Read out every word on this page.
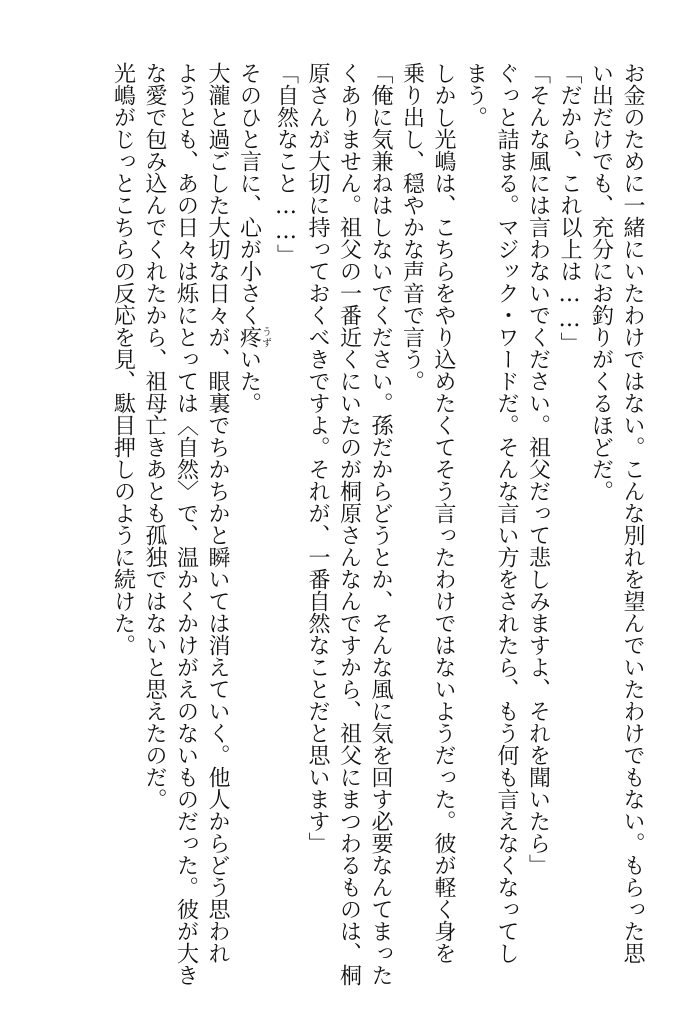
お金のために一緒にいたわけではない。こんな別れを望んでいたわけでもない。もらった思
い出だけでも、充分にお釣りがくるほどだ。
「だから、これ以上は……」
「そんな風には言わないでください。祖父だって悲しみますよ、それを聞いたら」
ぐっと詰まる。マジック・ワードだ。そんな言い方をされたら、もう何も言えなくなってし
まう。
しかし光嶋は、こちらをやり込めたくてそう言ったわけではないようだった。彼が軽く身を
乗り出し、穏やかな声音で言う。
「俺に気兼ねはしないでください。孫だからどうとか、そんな風に気を回す必要なんてまった
くありません。祖父の一番近くにいたのが桐原さんなんですから、祖父にまつわるものは、桐
原さんが大切に持っておくべきですよ。それが、一番自然なことだと思います」
「自然なこと……」
そのひと言に、心が小さく疼うずいた。
大瀧と過ごした大切な日々が、眼裏でちかちかと瞬いては消えていく。他人からどう思われ
ようとも、あの日々は烁にとっては〈自然〉で、温かくかけがえのないものだった。彼が大き
な愛で包み込んでくれたから、祖母亡きあとも孤独ではないと思えたのだ。
光嶋がじっとこちらの反応を見、駄目押しのように続けた。
